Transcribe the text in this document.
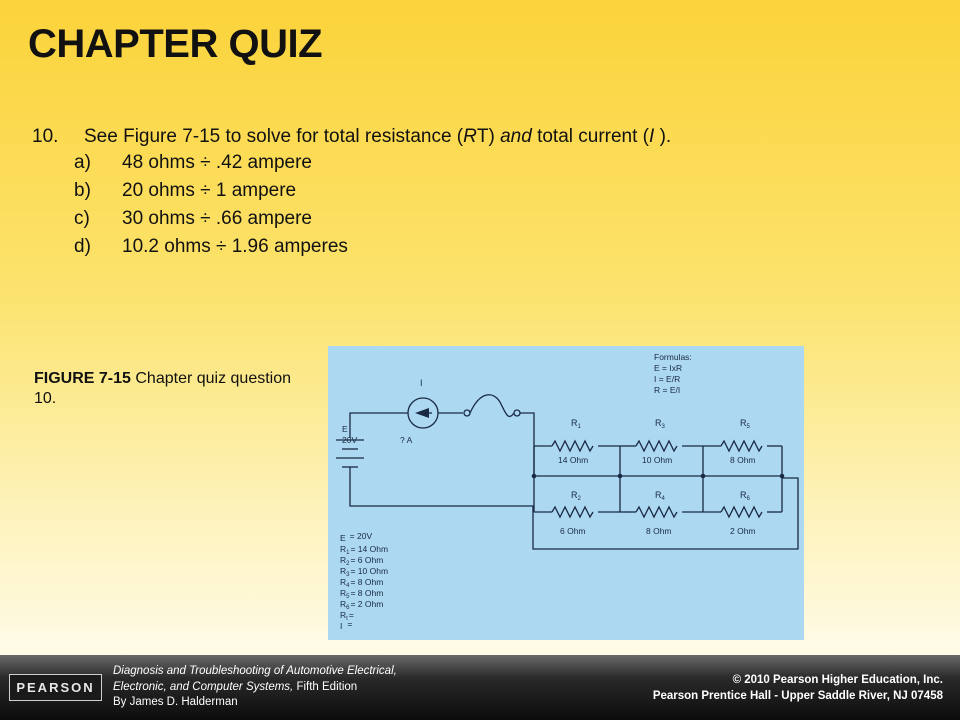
CHAPTER QUIZ
10. See Figure 7-15 to solve for total resistance (RT) and total current (I ).
a) 48 ohms ÷ .42 ampere
b) 20 ohms ÷ 1 ampere
c) 30 ohms ÷ .66 ampere
d) 10.2 ohms ÷ 1.96 amperes
FIGURE 7-15 Chapter quiz question 10.
Formulas:
E = IxR
I = E/R
R = E/I
I
E
20V	? A
$R_1$	$R_3$	$R_5$
14 Ohm	10 Ohm	8 Ohm
$R_2$	$R_4$	$R_6$
6 Ohm	8 Ohm	2 Ohm
E = 20V
$R_1= 14$ Ohm
$R_2= 6$ Ohm
$R_3= 10$ Ohm
$R_4= 8$ Ohm
$R_5= 8$ Ohm
$R_6= 2$ Ohm
$R_t=$
I =
PEARSON
Diagnosis and Troubleshooting of Automotive Electrical,
Electronic, and Computer Systems, Fifth Edition
By James D. Halderman
© 2010 Pearson Higher Education, Inc.
Pearson Prentice Hall - Upper Saddle River, NJ 07458
